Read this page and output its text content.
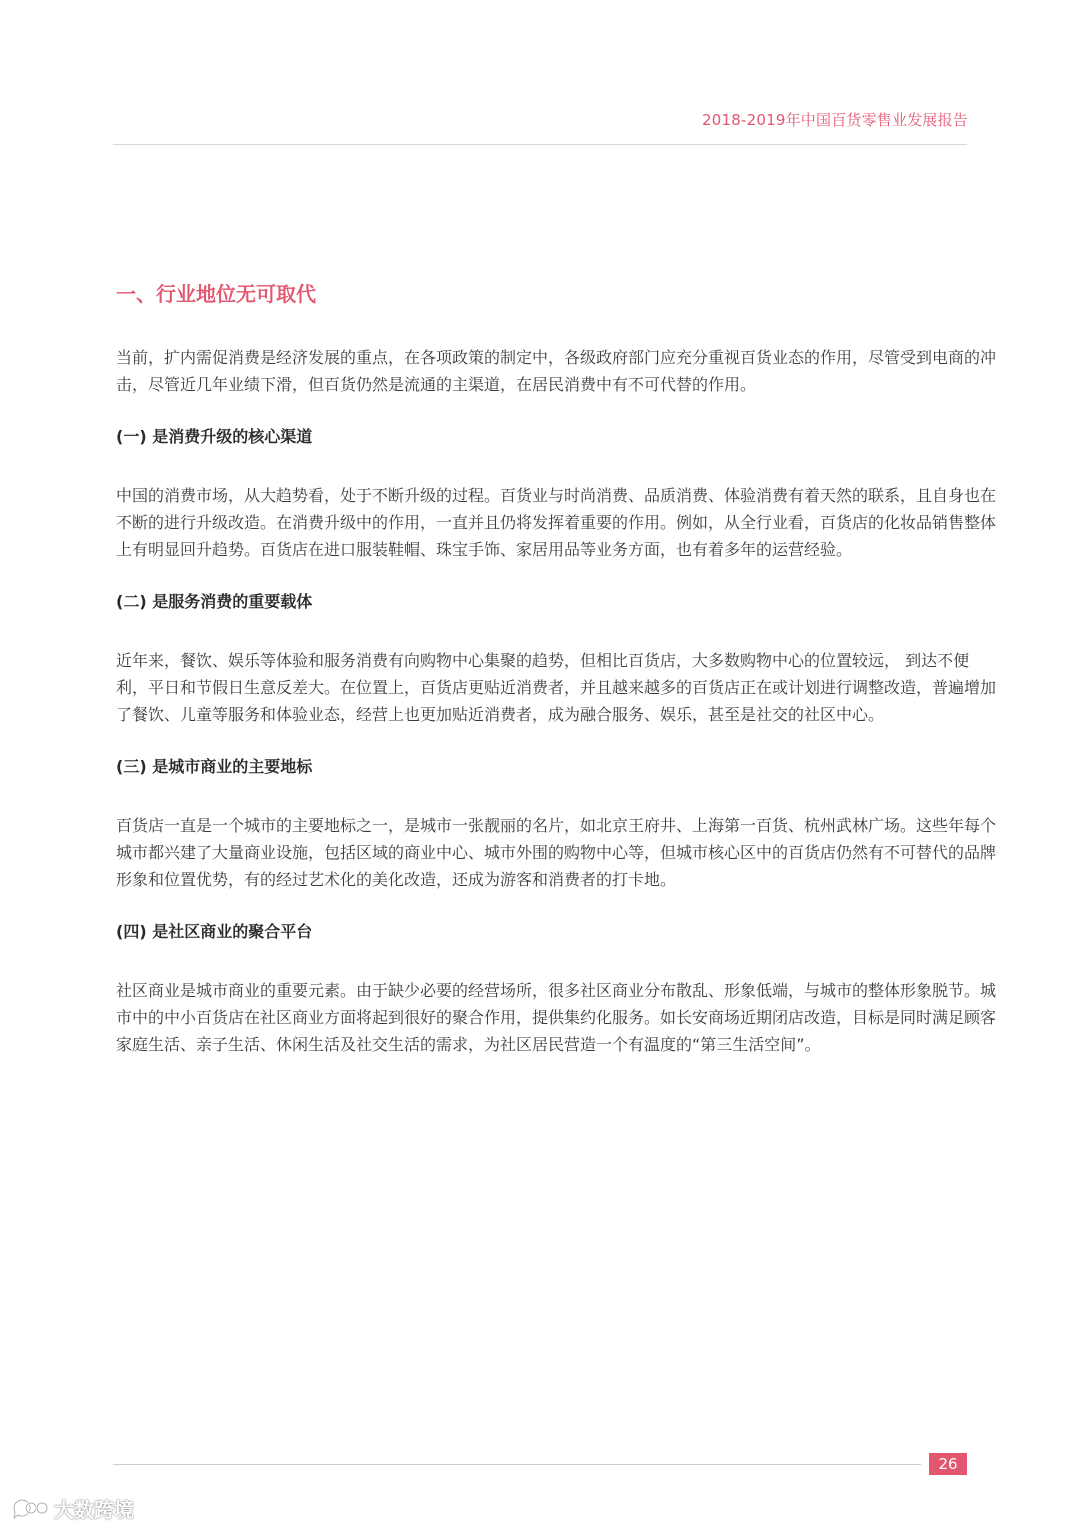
2018-2019年中国百货零售业发展报告
一、行业地位无可取代

当前，扩内需促消费是经济发展的重点，在各项政策的制定中，各级政府部门应充分重视百货业态的作用，尽管受到电商的冲击，尽管近几年业绩下滑，但百货仍然是流通的主渠道，在居民消费中有不可代替的作用。

(一) 是消费升级的核心渠道

中国的消费市场，从大趋势看，处于不断升级的过程。百货业与时尚消费、品质消费、体验消费有着天然的联系，且自身也在不断的进行升级改造。在消费升级中的作用，一直并且仍将发挥着重要的作用。例如，从全行业看，百货店的化妆品销售整体上有明显回升趋势。百货店在进口服装鞋帽、珠宝手饰、家居用品等业务方面，也有着多年的运营经验。

(二) 是服务消费的重要载体

近年来，餐饮、娱乐等体验和服务消费有向购物中心集聚的趋势，但相比百货店，大多数购物中心的位置较远， 到达不便利，平日和节假日生意反差大。在位置上，百货店更贴近消费者，并且越来越多的百货店正在或计划进行调整改造，普遍增加了餐饮、儿童等服务和体验业态，经营上也更加贴近消费者，成为融合服务、娱乐，甚至是社交的社区中心。

(三) 是城市商业的主要地标

百货店一直是一个城市的主要地标之一，是城市一张靓丽的名片，如北京王府井、上海第一百货、杭州武林广场。这些年每个城市都兴建了大量商业设施，包括区域的商业中心、城市外围的购物中心等，但城市核心区中的百货店仍然有不可替代的品牌形象和位置优势，有的经过艺术化的美化改造，还成为游客和消费者的打卡地。

(四) 是社区商业的聚合平台

社区商业是城市商业的重要元素。由于缺少必要的经营场所，很多社区商业分布散乱、形象低端，与城市的整体形象脱节。城市中的中小百货店在社区商业方面将起到很好的聚合作用，提供集约化服务。如长安商场近期闭店改造，目标是同时满足顾客家庭生活、亲子生活、休闲生活及社交生活的需求，为社区居民营造一个有温度的“第三生活空间”。

26
大数跨境
